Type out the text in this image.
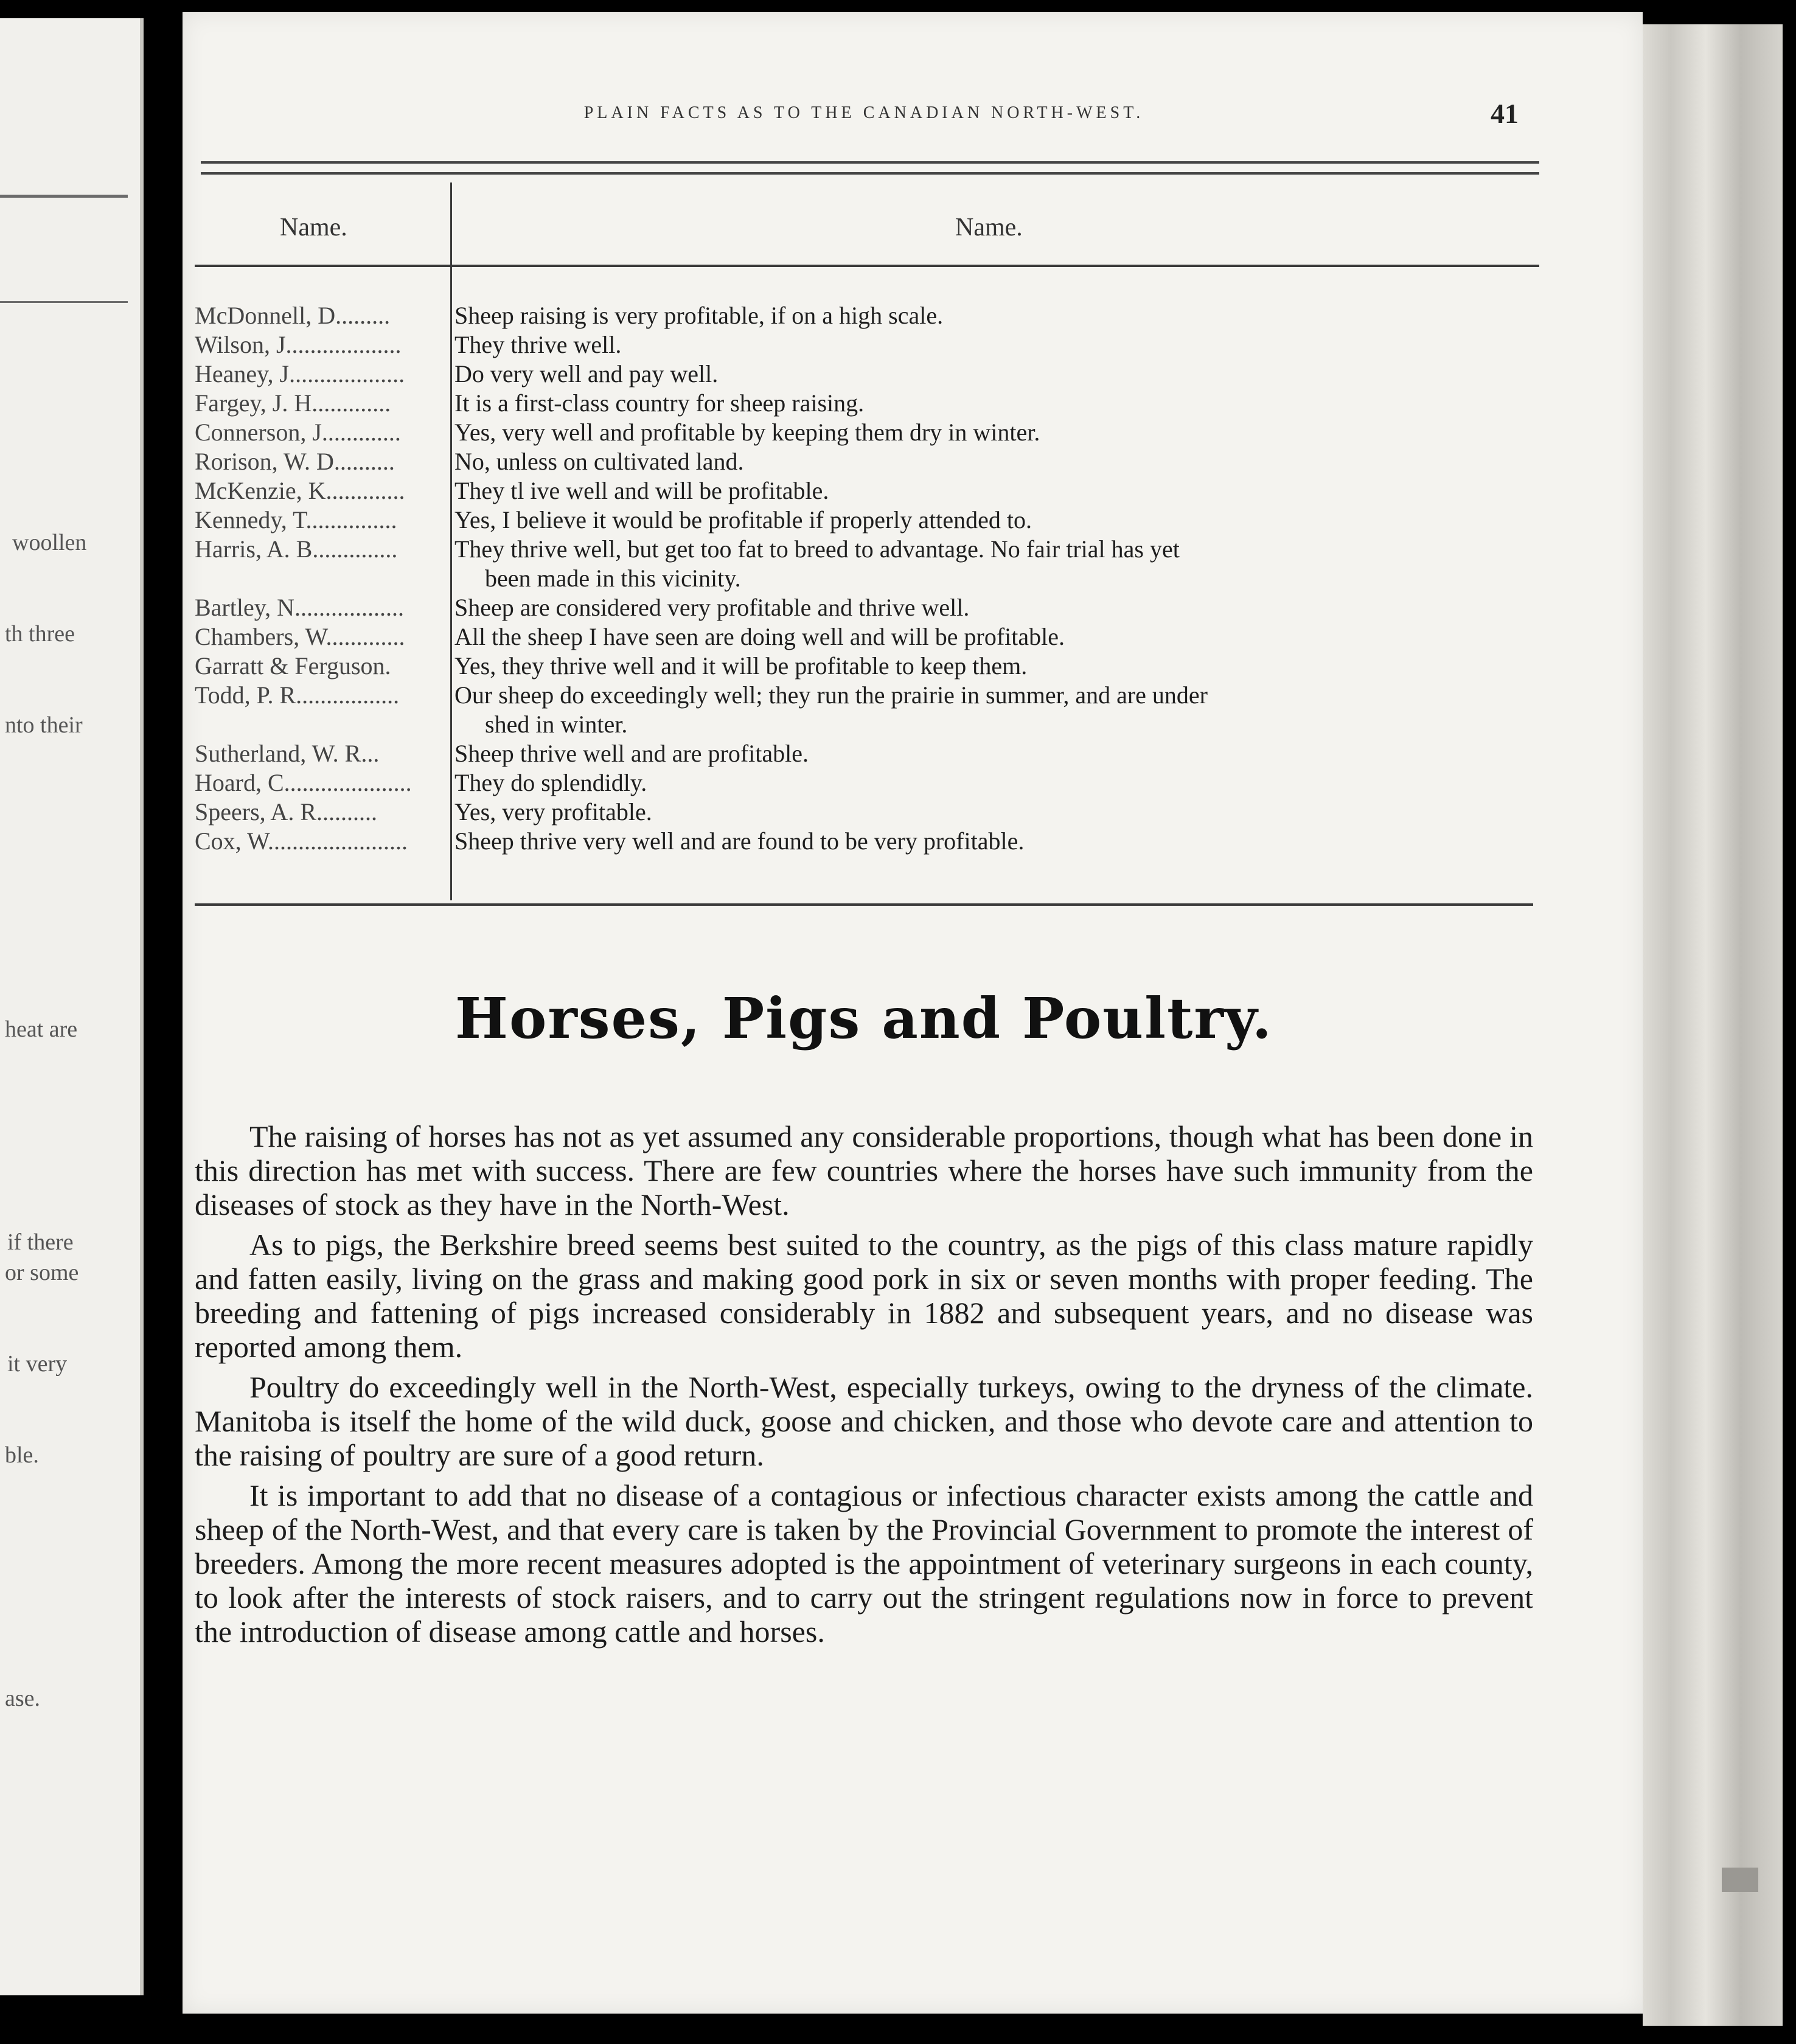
woollen
th three
nto their
heat are
if there
or some
it very
ble.
ase.
PLAIN FACTS AS TO THE CANADIAN NORTH-WEST.	41
Name.	Name.
McDonnell, D.........	Sheep raising is very profitable, if on a high scale.
Wilson, J...................	They thrive well.
Heaney, J...................	Do very well and pay well.
Fargey, J. H.............	It is a first-class country for sheep raising.
Connerson, J.............	Yes, very well and profitable by keeping them dry in winter.
Rorison, W. D..........	No, unless on cultivated land.
McKenzie, K.............	They tl ive well and will be profitable.
Kennedy, T...............	Yes, I believe it would be profitable if properly attended to.
Harris, A. B..............	They thrive well, but get too fat to breed to advantage. No fair trial has yet
been made in this vicinity.
Bartley, N..................	Sheep are considered very profitable and thrive well.
Chambers, W.............	All the sheep I have seen are doing well and will be profitable.
Garratt & Ferguson.	Yes, they thrive well and it will be profitable to keep them.
Todd, P. R.................	Our sheep do exceedingly well; they run the prairie in summer, and are under
shed in winter.
Sutherland, W. R...	Sheep thrive well and are profitable.
Hoard, C.....................	They do splendidly.
Speers, A. R..........	Yes, very profitable.
Cox, W.......................	Sheep thrive very well and are found to be very profitable.
Horses, Pigs and Poultry.

The raising of horses has not as yet assumed any considerable proportions, though what has been done in this direction has met with success. There are few countries where the horses have such immunity from the diseases of stock as they have in the North-West.

As to pigs, the Berkshire breed seems best suited to the country, as the pigs of this class mature rapidly and fatten easily, living on the grass and making good pork in six or seven months with proper feeding. The breeding and fattening of pigs increased considerably in 1882 and subsequent years, and no disease was reported among them.

Poultry do exceedingly well in the North-West, especially turkeys, owing to the dryness of the climate. Manitoba is itself the home of the wild duck, goose and chicken, and those who devote care and attention to the raising of poultry are sure of a good return.

It is important to add that no disease of a contagious or infectious character exists among the cattle and sheep of the North-West, and that every care is taken by the Provincial Government to promote the interest of breeders. Among the more recent measures adopted is the appointment of veterinary surgeons in each county, to look after the interests of stock raisers, and to carry out the stringent regulations now in force to prevent the introduction of disease among cattle and horses.
